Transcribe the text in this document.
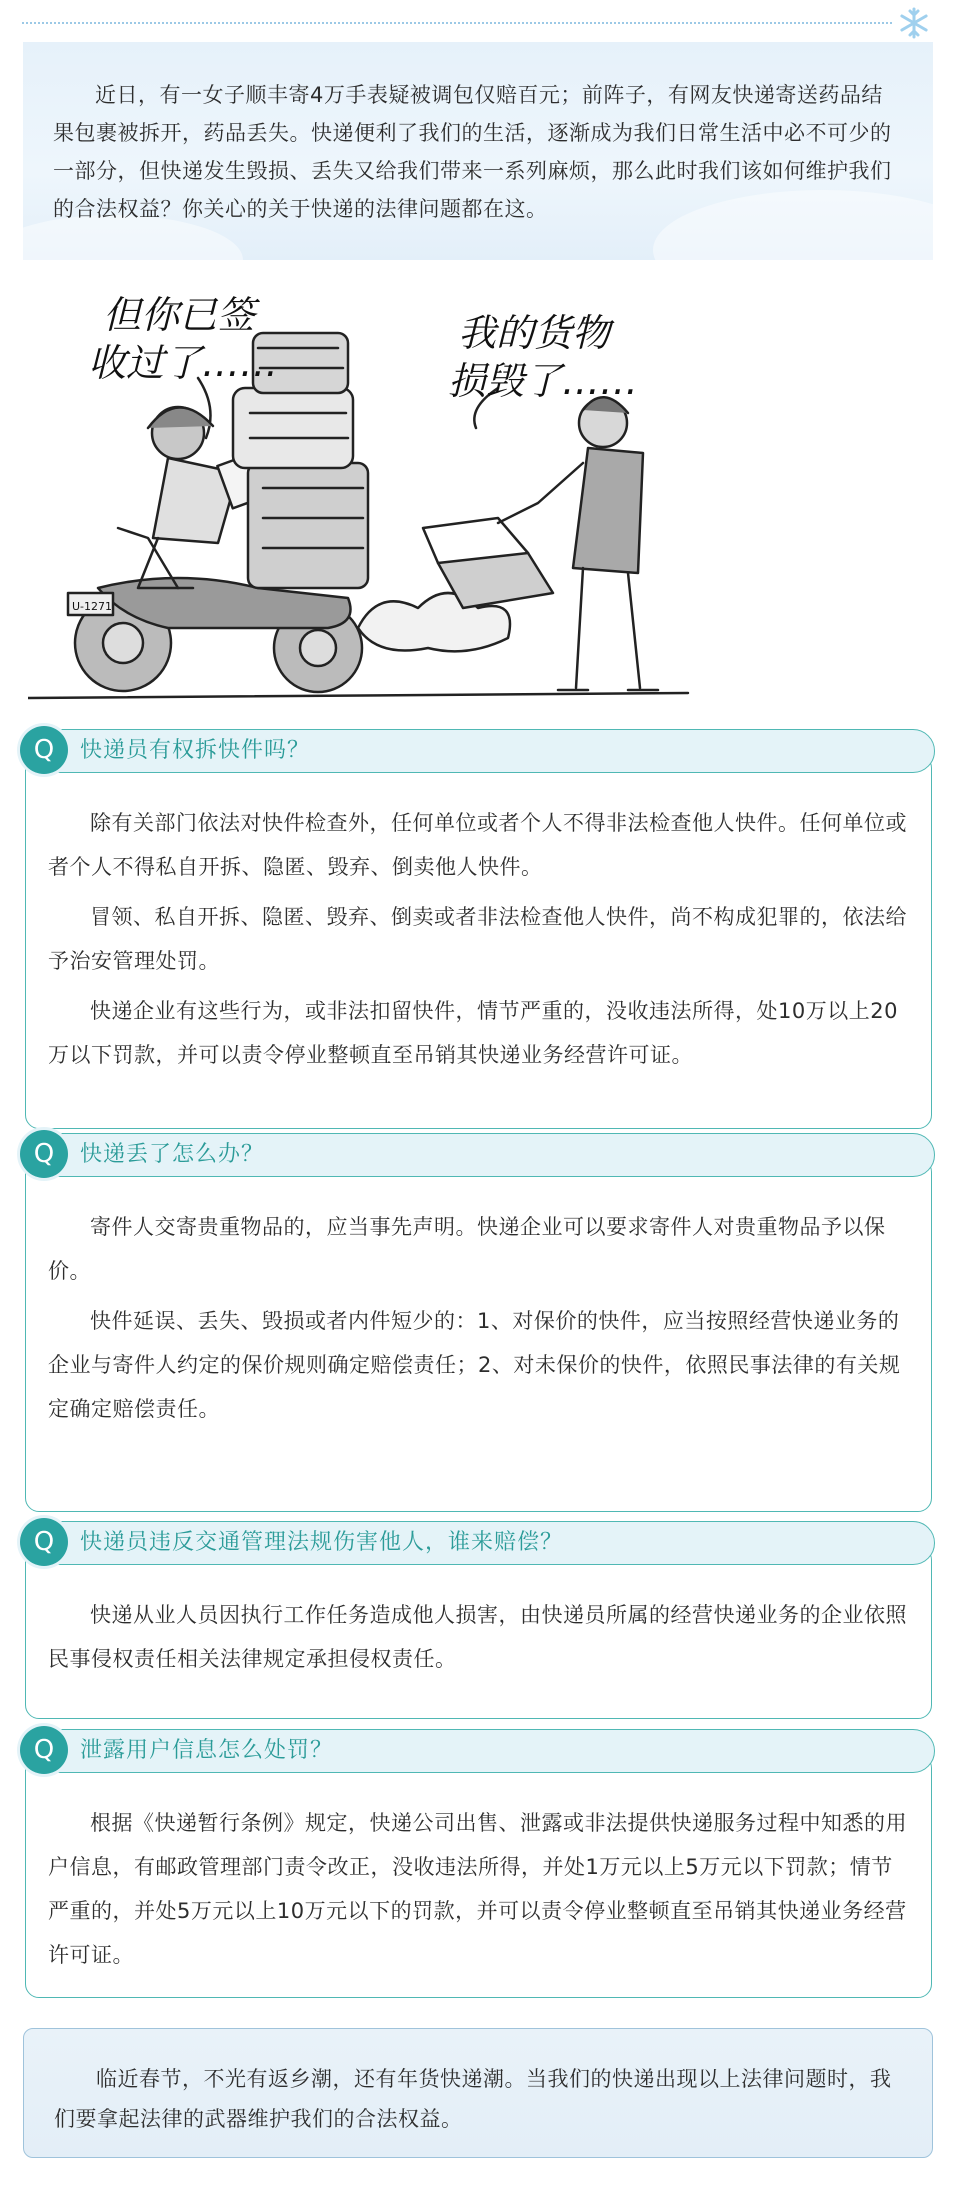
近日，有一女子顺丰寄4万手表疑被调包仅赔百元；前阵子，有网友快递寄送药品结果包裹被拆开，药品丢失。快递便利了我们的生活，逐渐成为我们日常生活中必不可少的一部分，但快递发生毁损、丢失又给我们带来一系列麻烦，那么此时我们该如何维护我们的合法权益？你关心的关于快递的法律问题都在这。

但你已签
收过了……
我的货物
损毁了……
U-1271
Q	快递员有权拆快件吗？

除有关部门依法对快件检查外，任何单位或者个人不得非法检查他人快件。任何单位或者个人不得私自开拆、隐匿、毁弃、倒卖他人快件。

冒领、私自开拆、隐匿、毁弃、倒卖或者非法检查他人快件，尚不构成犯罪的，依法给予治安管理处罚。

快递企业有这些行为，或非法扣留快件，情节严重的，没收违法所得，处10万以上20万以下罚款，并可以责令停业整顿直至吊销其快递业务经营许可证。

Q	快递丢了怎么办？

寄件人交寄贵重物品的，应当事先声明。快递企业可以要求寄件人对贵重物品予以保价。

快件延误、丢失、毁损或者内件短少的：1、对保价的快件，应当按照经营快递业务的企业与寄件人约定的保价规则确定赔偿责任；2、对未保价的快件，依照民事法律的有关规定确定赔偿责任。

Q	快递员违反交通管理法规伤害他人，谁来赔偿？

快递从业人员因执行工作任务造成他人损害，由快递员所属的经营快递业务的企业依照民事侵权责任相关法律规定承担侵权责任。

Q	泄露用户信息怎么处罚？

根据《快递暂行条例》规定，快递公司出售、泄露或非法提供快递服务过程中知悉的用户信息，有邮政管理部门责令改正，没收违法所得，并处1万元以上5万元以下罚款；情节严重的，并处5万元以上10万元以下的罚款，并可以责令停业整顿直至吊销其快递业务经营许可证。

临近春节，不光有返乡潮，还有年货快递潮。当我们的快递出现以上法律问题时，我们要拿起法律的武器维护我们的合法权益。
